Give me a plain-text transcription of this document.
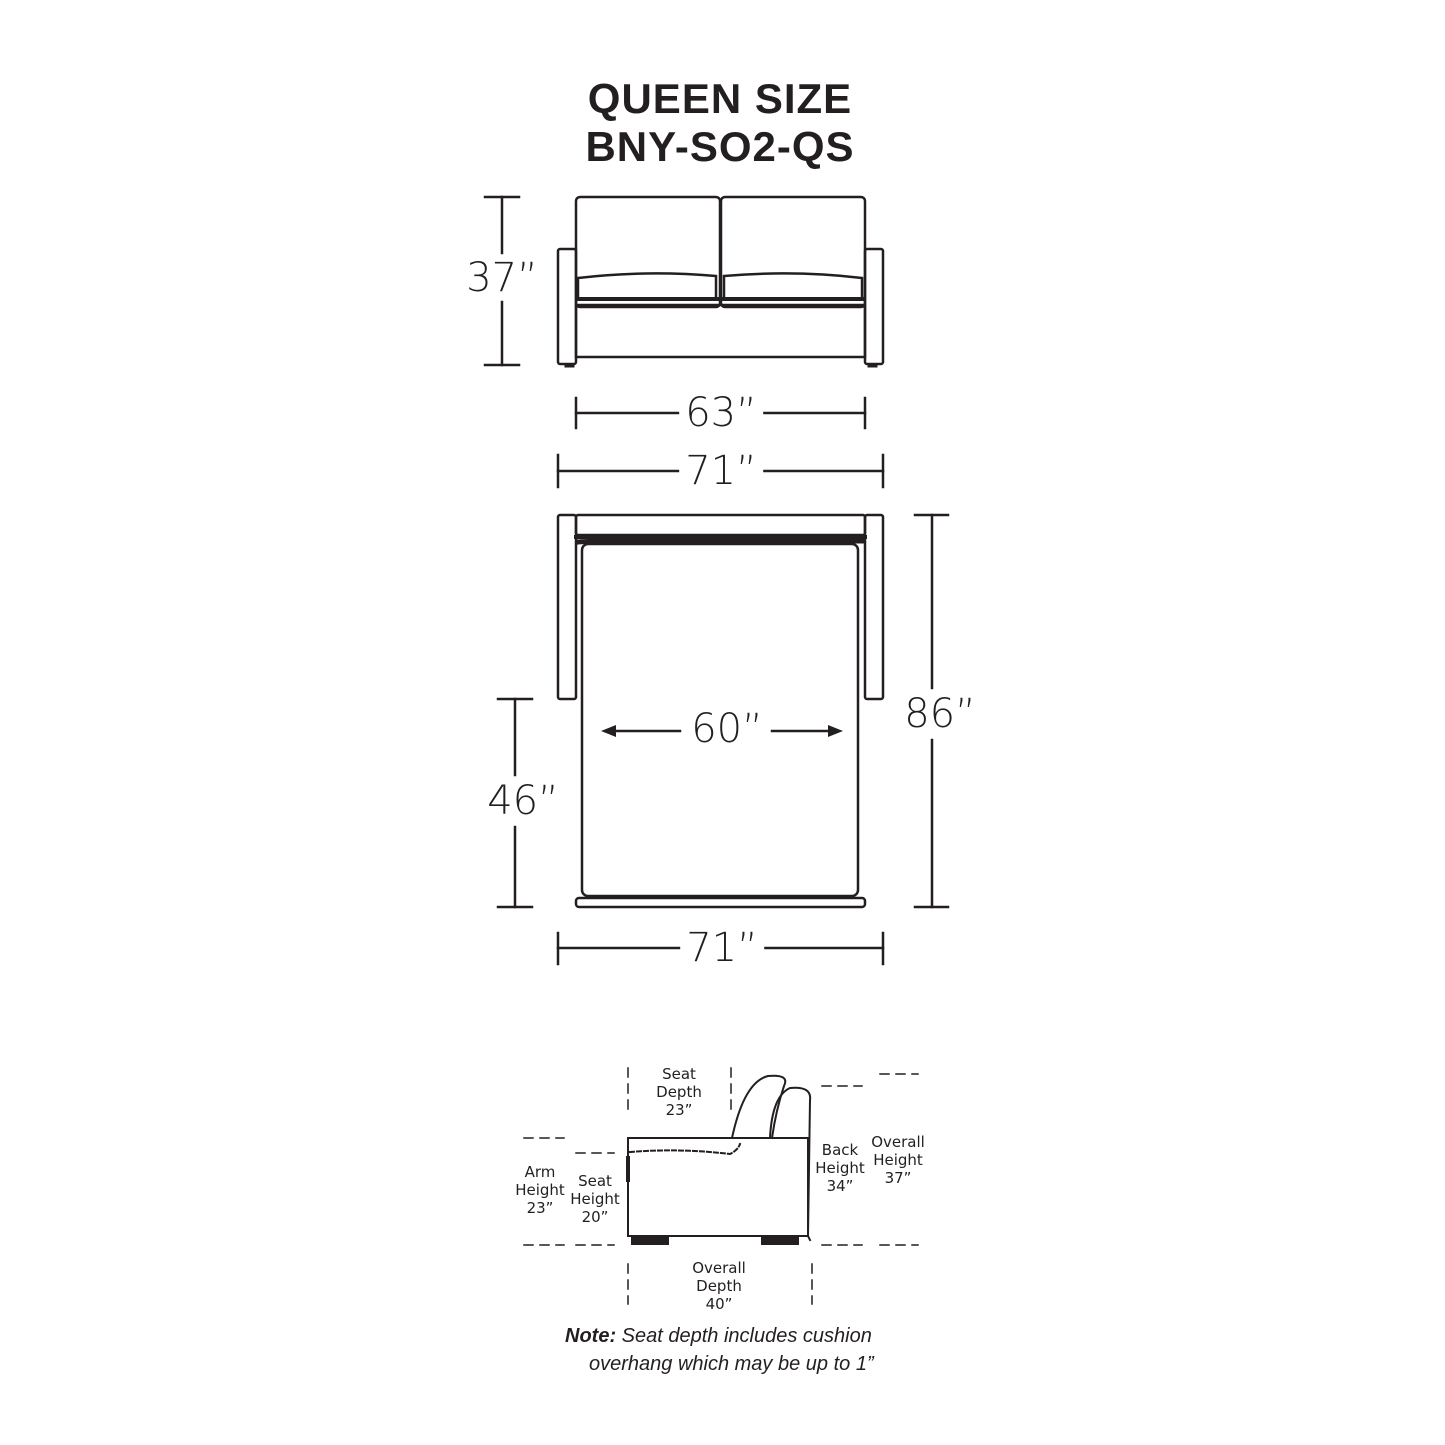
QUEEN SIZE
BNY-SO2-QS
37”
63”
71”
86”
60”
46”
71”
Seat
Depth
23”
Arm
Height
23”
Seat
Height
20”
Back
Height
34”
Overall
Height
37”
Overall
Depth
40”
Note: Seat depth includes cushion
overhang which may be up to 1”
